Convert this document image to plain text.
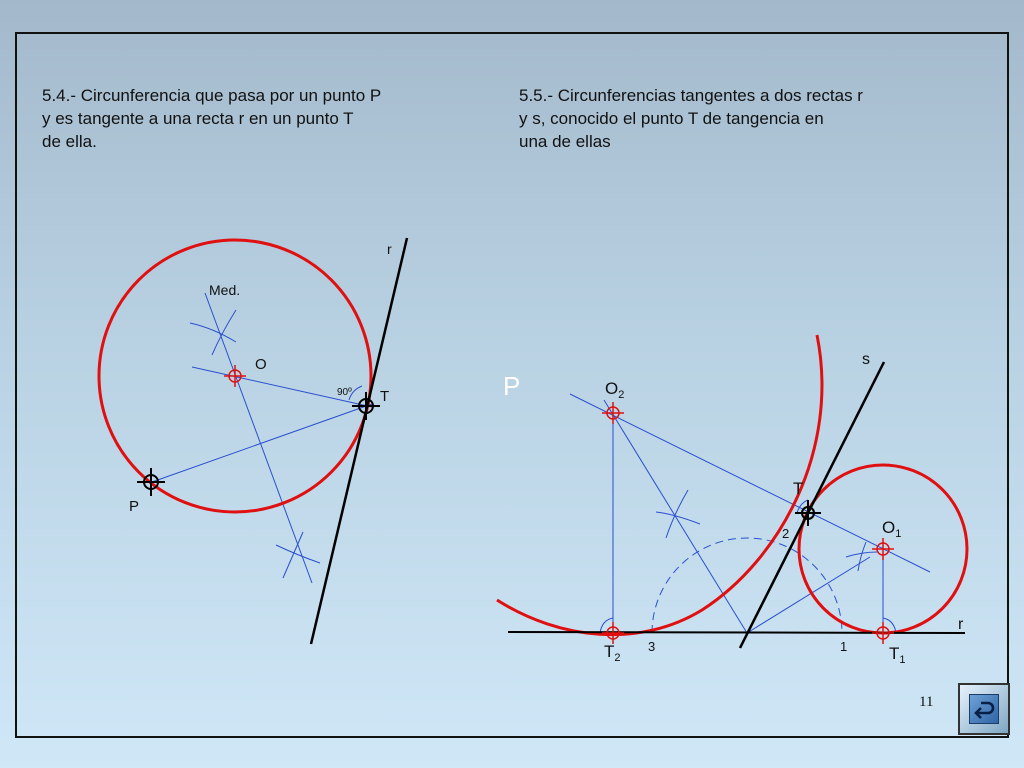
5.4.- Circunferencia que pasa por un punto P
y es tangente a una recta r en un punto T
de ella.
5.5.- Circunferencias tangentes a dos rectas r
y s, conocido el punto T de tangencia en
una de ellas
r
Med.
O
90º T
P
P
s
r
$O_2$
$O_1$
T
$T_2$	$T_1$
1
2
3
11
